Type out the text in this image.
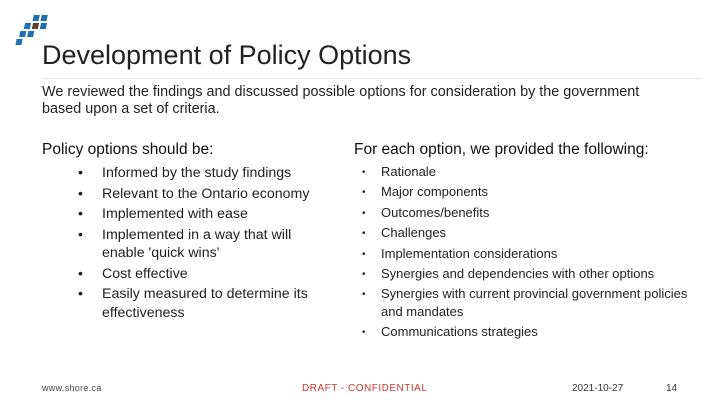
Development of Policy Options
We reviewed the findings and discussed possible options for consideration by the government based upon a set of criteria.
Policy options should be:
• Informed by the study findings
• Relevant to the Ontario economy
• Implemented with ease
• Implemented in a way that will enable 'quick wins'
• Cost effective
• Easily measured to determine its effectiveness
For each option, we provided the following:
• Rationale
• Major components
• Outcomes/benefits
• Challenges
• Implementation considerations
• Synergies and dependencies with other options
• Synergies with current provincial government policies and mandates
• Communications strategies
www.shore.ca	DRAFT - CONFIDENTIAL	2021-10-27	14
